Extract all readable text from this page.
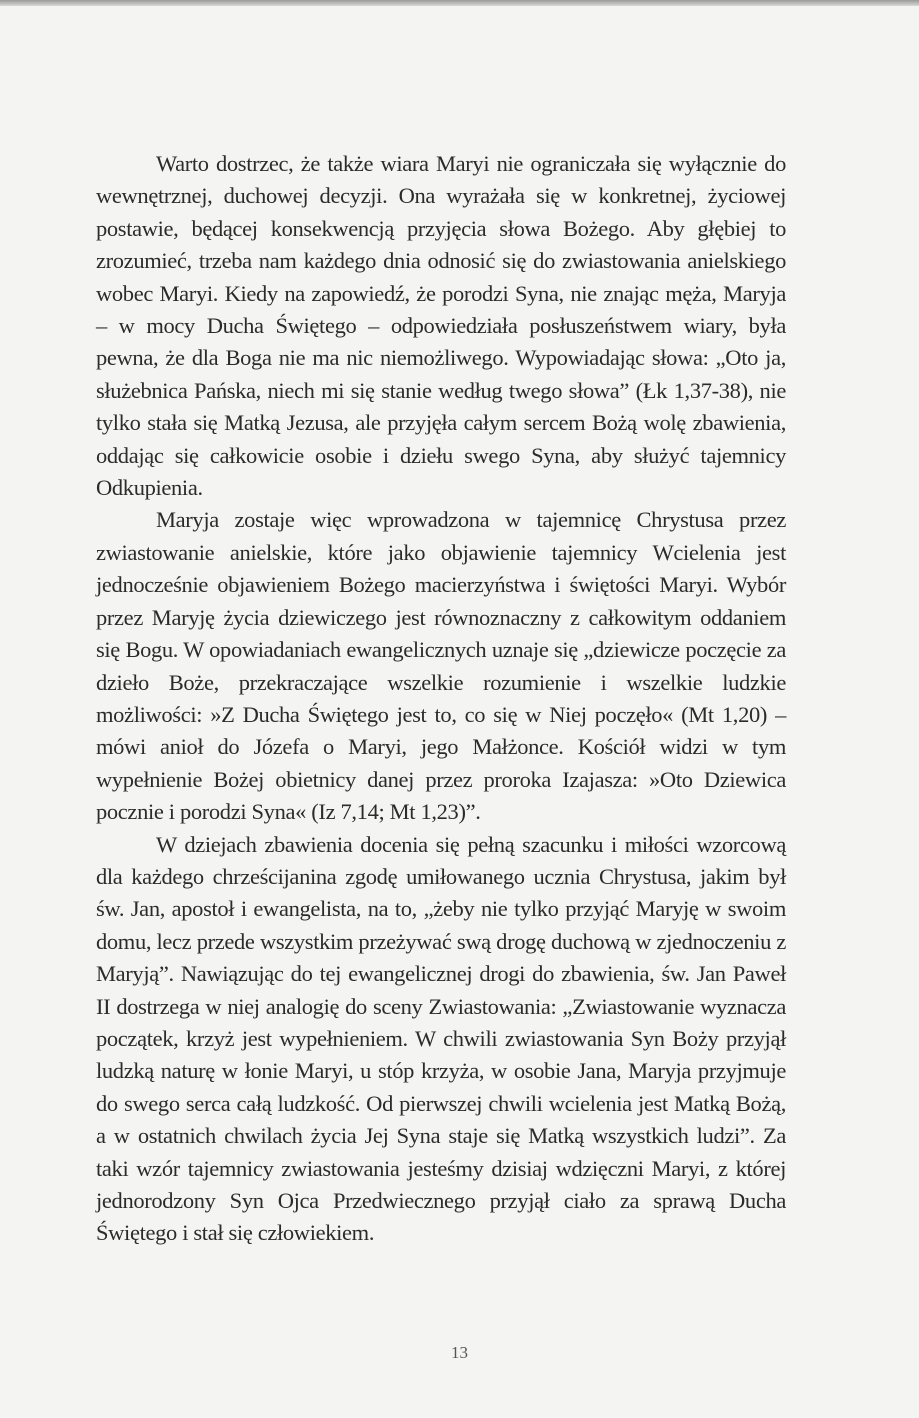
Warto dostrzec, że także wiara Maryi nie ograniczała się wyłącznie do wewnętrznej, duchowej decyzji. Ona wyrażała się w konkretnej, życiowej postawie, będącej konsekwencją przyjęcia słowa Bożego. Aby głębiej to zrozumieć, trzeba nam każdego dnia odnosić się do zwiastowania anielskiego wobec Maryi. Kiedy na zapowiedź, że porodzi Syna, nie znając męża, Maryja – w mocy Ducha Świętego – odpowiedziała posłuszeństwem wiary, była pewna, że dla Boga nie ma nic niemożliwego. Wypowiadając słowa: „Oto ja, służebnica Pańska, niech mi się stanie według twego słowa” (Łk 1,37-38), nie tylko stała się Matką Jezusa, ale przyjęła całym sercem Bożą wolę zbawienia, oddając się całkowicie osobie i dziełu swego Syna, aby służyć tajemnicy Odkupienia.

Maryja zostaje więc wprowadzona w tajemnicę Chrystusa przez zwiastowanie anielskie, które jako objawienie tajemnicy Wcielenia jest jednocześnie objawieniem Bożego macierzyństwa i świętości Maryi. Wybór przez Maryję życia dziewiczego jest równoznaczny z całkowitym oddaniem się Bogu. W opowiadaniach ewangelicznych uznaje się „dziewicze poczęcie za dzieło Boże, przekraczające wszelkie rozumienie i wszelkie ludzkie możliwości: »Z Ducha Świętego jest to, co się w Niej poczęło« (Mt 1,20) – mówi anioł do Józefa o Maryi, jego Małżonce. Kościół widzi w tym wypełnienie Bożej obietnicy danej przez proroka Izajasza: »Oto Dziewica pocznie i porodzi Syna« (Iz 7,14; Mt 1,23)”.

W dziejach zbawienia docenia się pełną szacunku i miłości wzorcową dla każdego chrześcijanina zgodę umiłowanego ucznia Chrystusa, jakim był św. Jan, apostoł i ewangelista, na to, „żeby nie tylko przyjąć Maryję w swoim domu, lecz przede wszystkim przeżywać swą drogę duchową w zjednoczeniu z Maryją”. Nawiązując do tej ewangelicznej drogi do zbawienia, św. Jan Paweł II dostrzega w niej analogię do sceny Zwiastowania: „Zwiastowanie wyznacza początek, krzyż jest wypełnieniem. W chwili zwiastowania Syn Boży przyjął ludzką naturę w łonie Maryi, u stóp krzyża, w osobie Jana, Maryja przyjmuje do swego serca całą ludzkość. Od pierwszej chwili wcielenia jest Matką Bożą, a w ostatnich chwilach życia Jej Syna staje się Matką wszystkich ludzi”. Za taki wzór tajemnicy zwiastowania jesteśmy dzisiaj wdzięczni Maryi, z której jednorodzony Syn Ojca Przedwiecznego przyjął ciało za sprawą Ducha Świętego i stał się człowiekiem.

13
